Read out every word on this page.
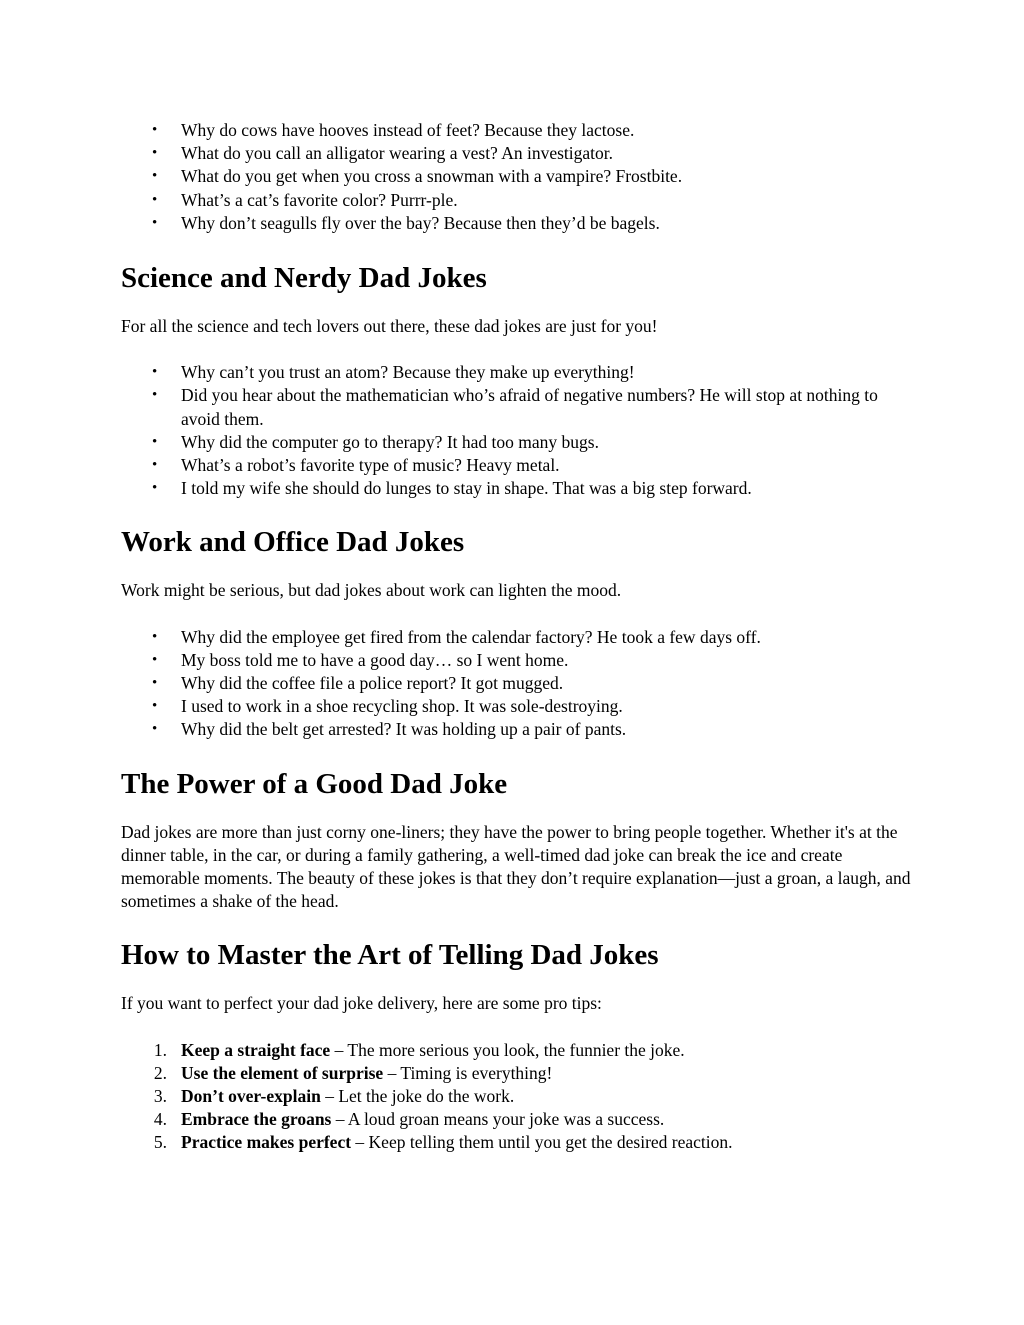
• Why do cows have hooves instead of feet? Because they lactose.
• What do you call an alligator wearing a vest? An investigator.
• What do you get when you cross a snowman with a vampire? Frostbite.
• What’s a cat’s favorite color? Purrr-ple.
• Why don’t seagulls fly over the bay? Because then they’d be bagels.
Science and Nerdy Dad Jokes

For all the science and tech lovers out there, these dad jokes are just for you!

• Why can’t you trust an atom? Because they make up everything!
• Did you hear about the mathematician who’s afraid of negative numbers? He will stop at nothing to avoid them.
• Why did the computer go to therapy? It had too many bugs.
• What’s a robot’s favorite type of music? Heavy metal.
• I told my wife she should do lunges to stay in shape. That was a big step forward.
Work and Office Dad Jokes

Work might be serious, but dad jokes about work can lighten the mood.

• Why did the employee get fired from the calendar factory? He took a few days off.
• My boss told me to have a good day… so I went home.
• Why did the coffee file a police report? It got mugged.
• I used to work in a shoe recycling shop. It was sole-destroying.
• Why did the belt get arrested? It was holding up a pair of pants.
The Power of a Good Dad Joke

Dad jokes are more than just corny one-liners; they have the power to bring people together. Whether it's at the dinner table, in the car, or during a family gathering, a well-timed dad joke can break the ice and create memorable moments. The beauty of these jokes is that they don’t require explanation—just a groan, a laugh, and sometimes a shake of the head.

How to Master the Art of Telling Dad Jokes

If you want to perfect your dad joke delivery, here are some pro tips:

1. Keep a straight face – The more serious you look, the funnier the joke.
2. Use the element of surprise – Timing is everything!
3. Don’t over-explain – Let the joke do the work.
4. Embrace the groans – A loud groan means your joke was a success.
5. Practice makes perfect – Keep telling them until you get the desired reaction.
